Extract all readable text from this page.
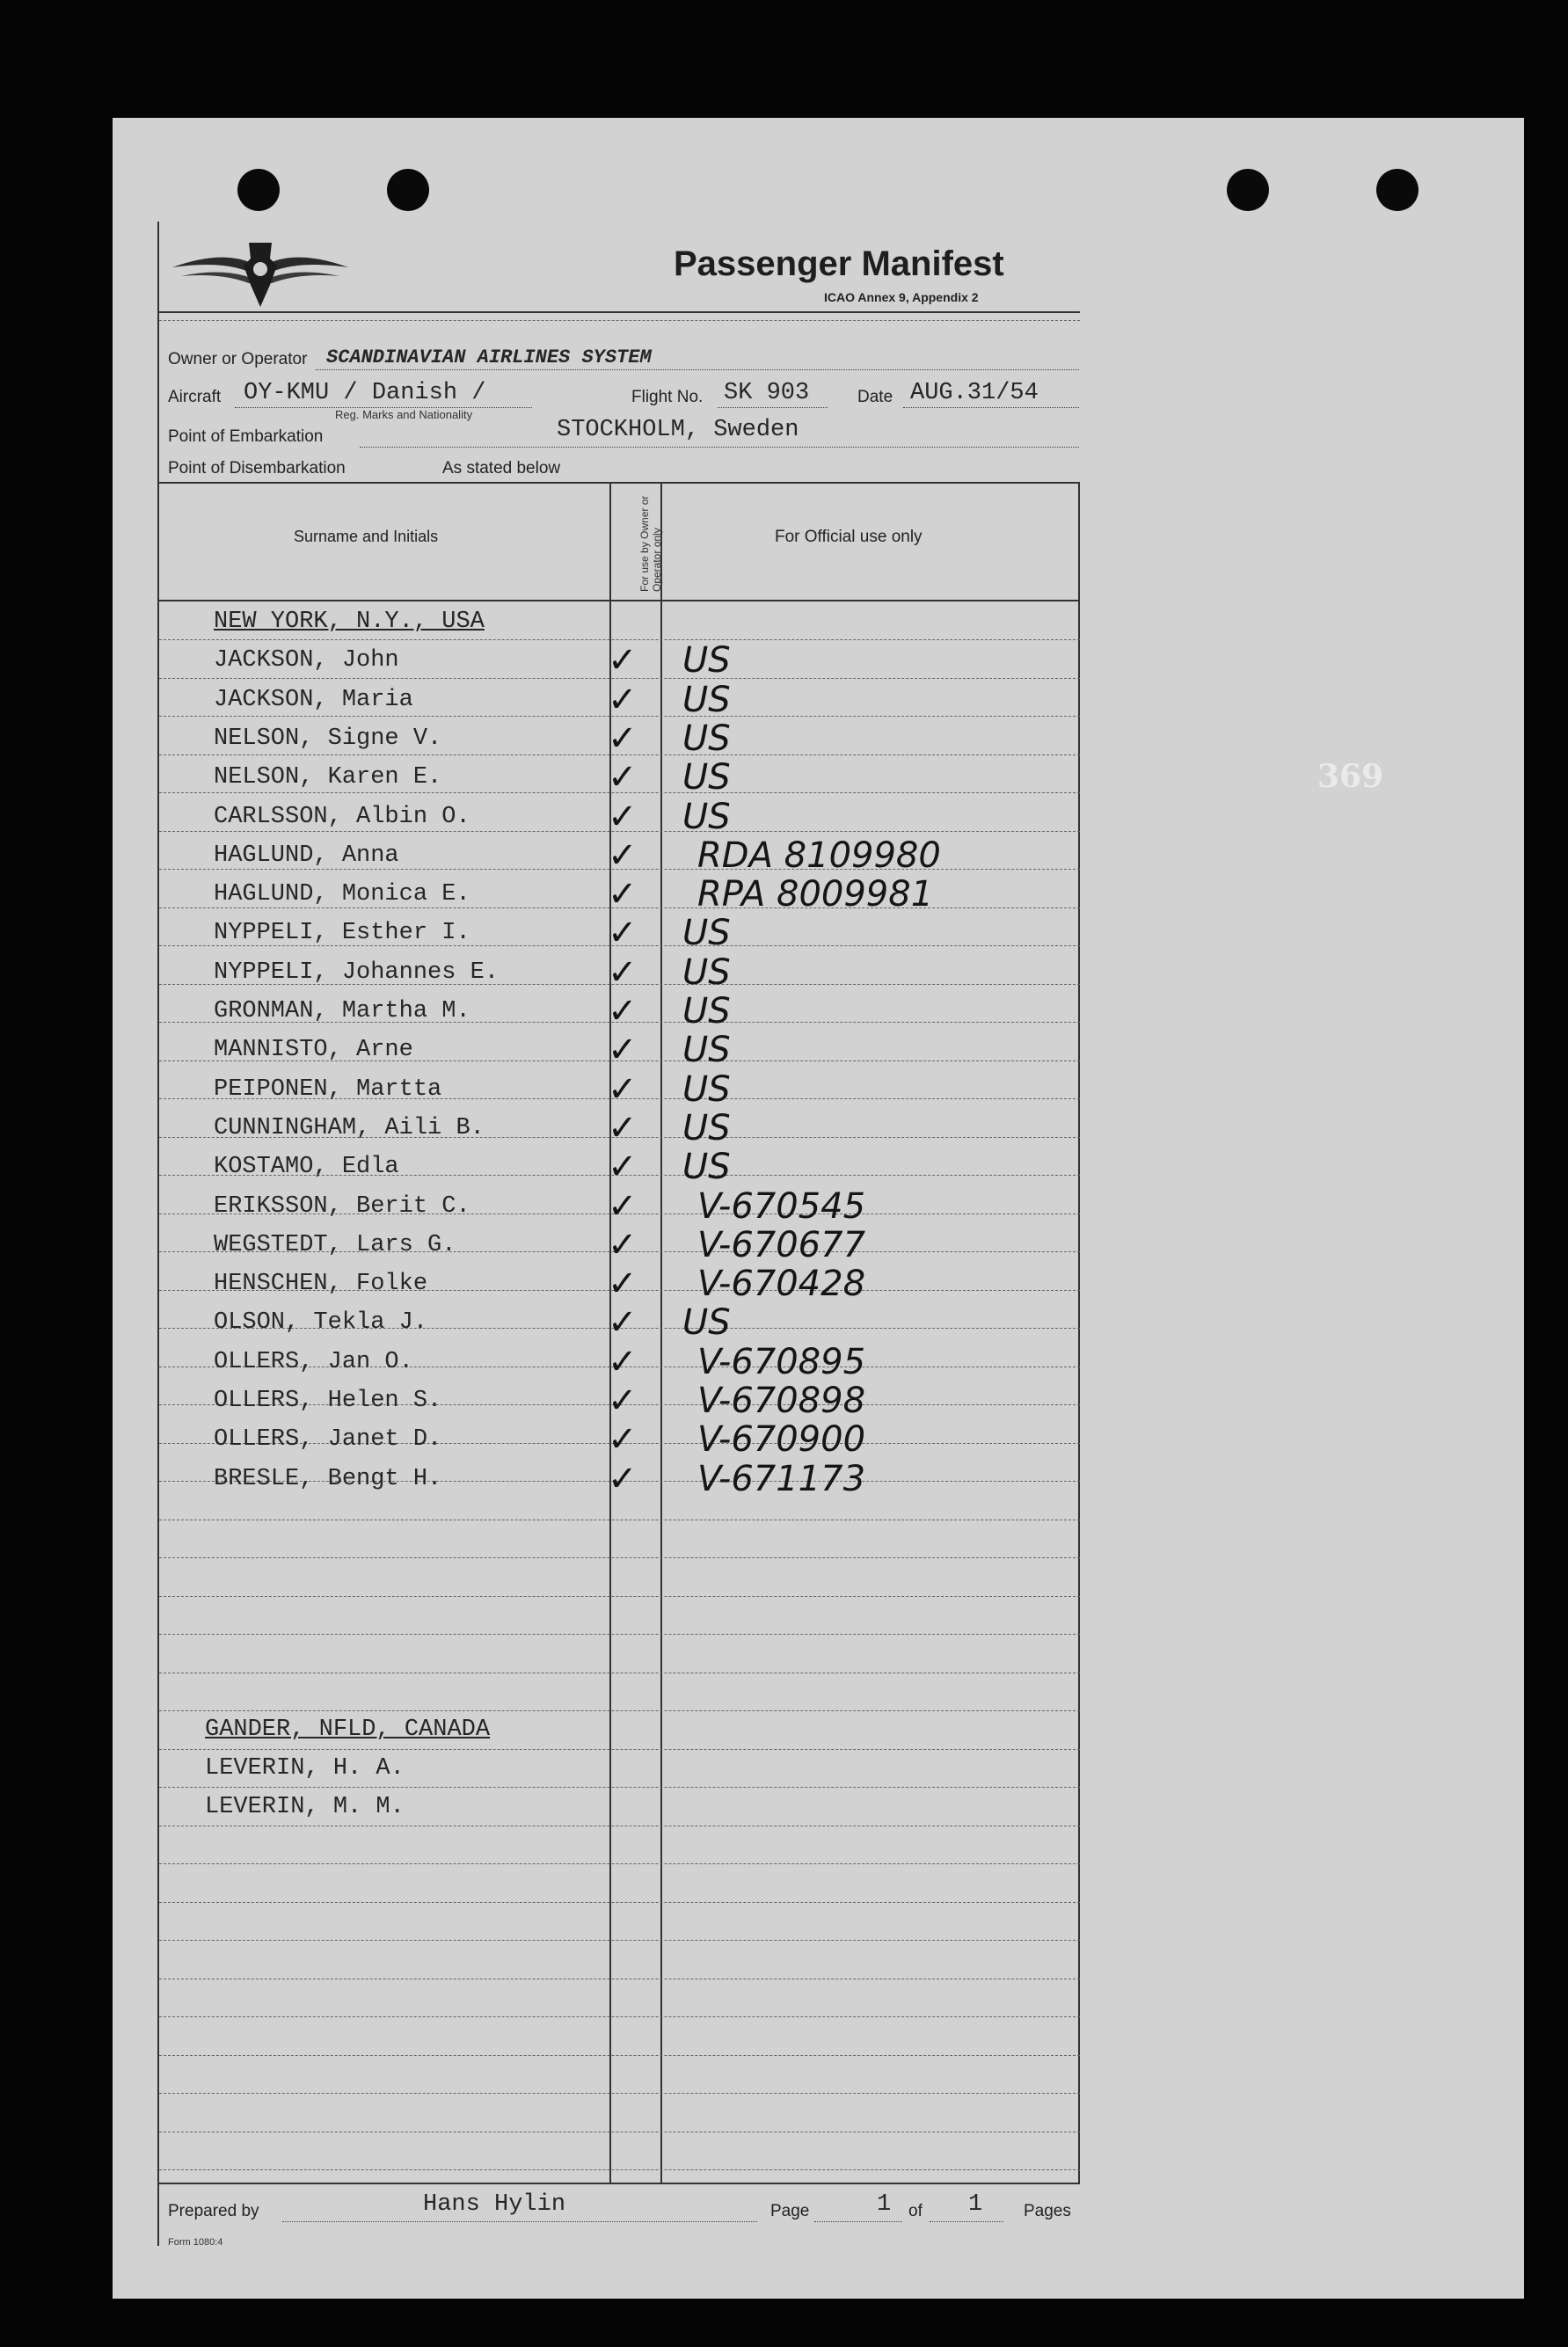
369
Passenger Manifest
ICAO Annex 9, Appendix 2
Owner or Operator SCANDINAVIAN AIRLINES SYSTEM
Aircraft OY-KMU / Danish /
Reg. Marks and Nationality
Flight No. SK 903	Date AUG.31/54
Point of Embarkation	STOCKHOLM, Sweden
Point of Disembarkation	As stated below
Surname and Initials	For use by Owner or Operator only	For Official use only
NEW YORK, N.Y., USA
JACKSON, John	✓ US
JACKSON, Maria	✓ US
NELSON, Signe V.	✓ US
NELSON, Karen E.	✓ US
CARLSSON, Albin O.	✓ US
HAGLUND, Anna	✓ RDA 8109980
HAGLUND, Monica E.	✓ RPA 8009981
NYPPELI, Esther I.	✓ US
NYPPELI, Johannes E.	✓ US
GRONMAN, Martha M.	✓ US
MANNISTO, Arne	✓ US
PEIPONEN, Martta	✓ US
CUNNINGHAM, Aili B.	✓ US
KOSTAMO, Edla	✓ US
ERIKSSON, Berit C.	✓ V-670545
WEGSTEDT, Lars G.	✓ V-670677
HENSCHEN, Folke	✓ V-670428
OLSON, Tekla J.	✓ US
OLLERS, Jan O.	✓ V-670895
OLLERS, Helen S.	✓ V-670898
OLLERS, Janet D.	✓ V-670900
BRESLE, Bengt H.	✓ V-671173
GANDER, NFLD, CANADA
LEVERIN, H. A.
LEVERIN, M. M.
Prepared by	Hans Hylin	Page	1 of 1 Pages
Form 1080:4
